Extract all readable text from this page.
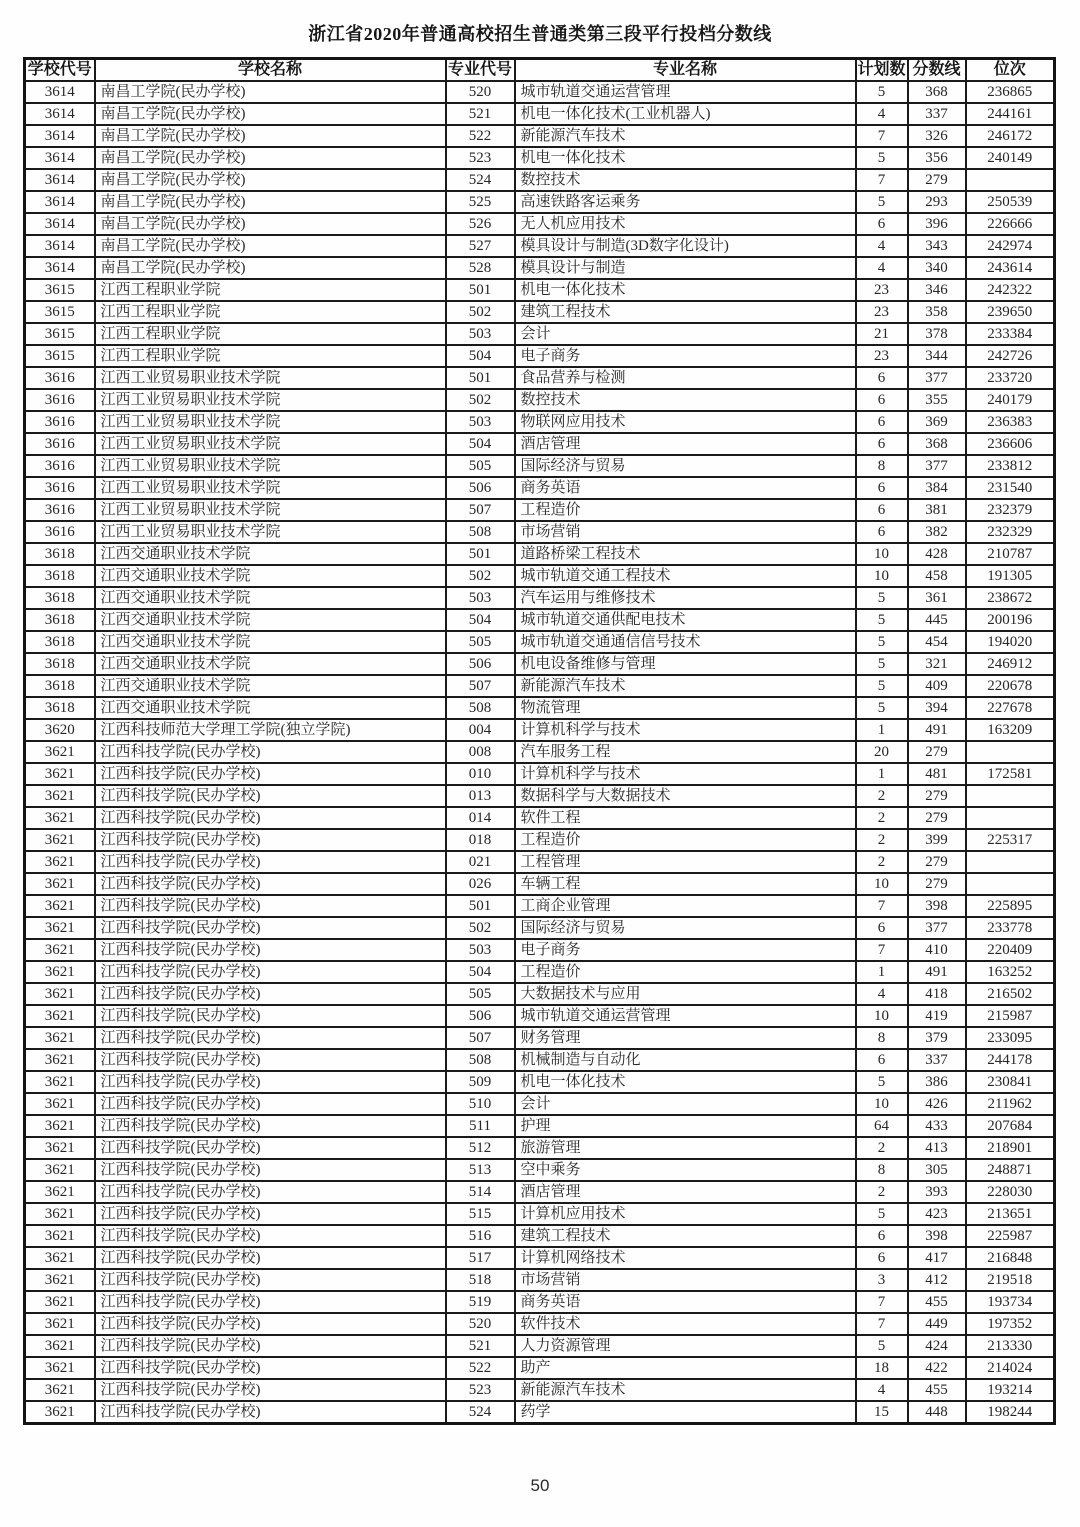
浙江省2020年普通高校招生普通类第三段平行投档分数线
学校代号	学校名称	专业代号	专业名称	计划数	分数线	位次
3614	南昌工学院(民办学校)	520	城市轨道交通运营管理	5	368	236865
3614	南昌工学院(民办学校)	521	机电一体化技术(工业机器人)	4	337	244161
3614	南昌工学院(民办学校)	522	新能源汽车技术	7	326	246172
3614	南昌工学院(民办学校)	523	机电一体化技术	5	356	240149
3614	南昌工学院(民办学校)	524	数控技术	7	279	
3614	南昌工学院(民办学校)	525	高速铁路客运乘务	5	293	250539
3614	南昌工学院(民办学校)	526	无人机应用技术	6	396	226666
3614	南昌工学院(民办学校)	527	模具设计与制造(3D数字化设计)	4	343	242974
3614	南昌工学院(民办学校)	528	模具设计与制造	4	340	243614
3615	江西工程职业学院	501	机电一体化技术	23	346	242322
3615	江西工程职业学院	502	建筑工程技术	23	358	239650
3615	江西工程职业学院	503	会计	21	378	233384
3615	江西工程职业学院	504	电子商务	23	344	242726
3616	江西工业贸易职业技术学院	501	食品营养与检测	6	377	233720
3616	江西工业贸易职业技术学院	502	数控技术	6	355	240179
3616	江西工业贸易职业技术学院	503	物联网应用技术	6	369	236383
3616	江西工业贸易职业技术学院	504	酒店管理	6	368	236606
3616	江西工业贸易职业技术学院	505	国际经济与贸易	8	377	233812
3616	江西工业贸易职业技术学院	506	商务英语	6	384	231540
3616	江西工业贸易职业技术学院	507	工程造价	6	381	232379
3616	江西工业贸易职业技术学院	508	市场营销	6	382	232329
3618	江西交通职业技术学院	501	道路桥梁工程技术	10	428	210787
3618	江西交通职业技术学院	502	城市轨道交通工程技术	10	458	191305
3618	江西交通职业技术学院	503	汽车运用与维修技术	5	361	238672
3618	江西交通职业技术学院	504	城市轨道交通供配电技术	5	445	200196
3618	江西交通职业技术学院	505	城市轨道交通通信信号技术	5	454	194020
3618	江西交通职业技术学院	506	机电设备维修与管理	5	321	246912
3618	江西交通职业技术学院	507	新能源汽车技术	5	409	220678
3618	江西交通职业技术学院	508	物流管理	5	394	227678
3620	江西科技师范大学理工学院(独立学院)	004	计算机科学与技术	1	491	163209
3621	江西科技学院(民办学校)	008	汽车服务工程	20	279	
3621	江西科技学院(民办学校)	010	计算机科学与技术	1	481	172581
3621	江西科技学院(民办学校)	013	数据科学与大数据技术	2	279	
3621	江西科技学院(民办学校)	014	软件工程	2	279	
3621	江西科技学院(民办学校)	018	工程造价	2	399	225317
3621	江西科技学院(民办学校)	021	工程管理	2	279	
3621	江西科技学院(民办学校)	026	车辆工程	10	279	
3621	江西科技学院(民办学校)	501	工商企业管理	7	398	225895
3621	江西科技学院(民办学校)	502	国际经济与贸易	6	377	233778
3621	江西科技学院(民办学校)	503	电子商务	7	410	220409
3621	江西科技学院(民办学校)	504	工程造价	1	491	163252
3621	江西科技学院(民办学校)	505	大数据技术与应用	4	418	216502
3621	江西科技学院(民办学校)	506	城市轨道交通运营管理	10	419	215987
3621	江西科技学院(民办学校)	507	财务管理	8	379	233095
3621	江西科技学院(民办学校)	508	机械制造与自动化	6	337	244178
3621	江西科技学院(民办学校)	509	机电一体化技术	5	386	230841
3621	江西科技学院(民办学校)	510	会计	10	426	211962
3621	江西科技学院(民办学校)	511	护理	64	433	207684
3621	江西科技学院(民办学校)	512	旅游管理	2	413	218901
3621	江西科技学院(民办学校)	513	空中乘务	8	305	248871
3621	江西科技学院(民办学校)	514	酒店管理	2	393	228030
3621	江西科技学院(民办学校)	515	计算机应用技术	5	423	213651
3621	江西科技学院(民办学校)	516	建筑工程技术	6	398	225987
3621	江西科技学院(民办学校)	517	计算机网络技术	6	417	216848
3621	江西科技学院(民办学校)	518	市场营销	3	412	219518
3621	江西科技学院(民办学校)	519	商务英语	7	455	193734
3621	江西科技学院(民办学校)	520	软件技术	7	449	197352
3621	江西科技学院(民办学校)	521	人力资源管理	5	424	213330
3621	江西科技学院(民办学校)	522	助产	18	422	214024
3621	江西科技学院(民办学校)	523	新能源汽车技术	4	455	193214
3621	江西科技学院(民办学校)	524	药学	15	448	198244
50
